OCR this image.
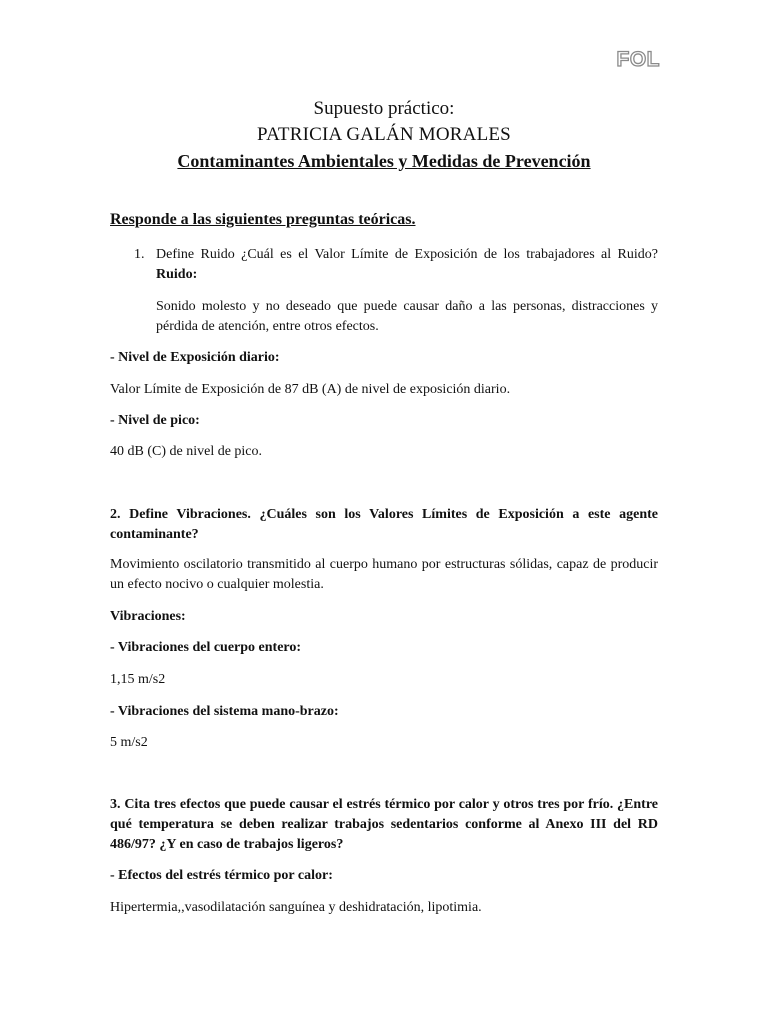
FOL
Supuesto práctico:
PATRICIA GALÁN MORALES
Contaminantes Ambientales y Medidas de Prevención
Responde a las siguientes preguntas teóricas.
1. Define Ruido ¿Cuál es el Valor Límite de Exposición de los trabajadores al Ruido? Ruido:
Sonido molesto y no deseado que puede causar daño a las personas, distracciones y pérdida de atención, entre otros efectos.
- Nivel de Exposición diario:
Valor Límite de Exposición de 87 dB (A) de nivel de exposición diario.
- Nivel de pico:
40 dB (C) de nivel de pico.
2. Define Vibraciones. ¿Cuáles son los Valores Límites de Exposición a este agente contaminante?
Movimiento oscilatorio transmitido al cuerpo humano por estructuras sólidas, capaz de producir un efecto nocivo o cualquier molestia.
Vibraciones:
- Vibraciones del cuerpo entero:
1,15 m/s2
- Vibraciones del sistema mano-brazo:
5 m/s2
3. Cita tres efectos que puede causar el estrés térmico por calor y otros tres por frío. ¿Entre qué temperatura se deben realizar trabajos sedentarios conforme al Anexo III del RD 486/97? ¿Y en caso de trabajos ligeros?
- Efectos del estrés térmico por calor:
Hipertermia,,vasodilatación sanguínea y deshidratación, lipotimia.
